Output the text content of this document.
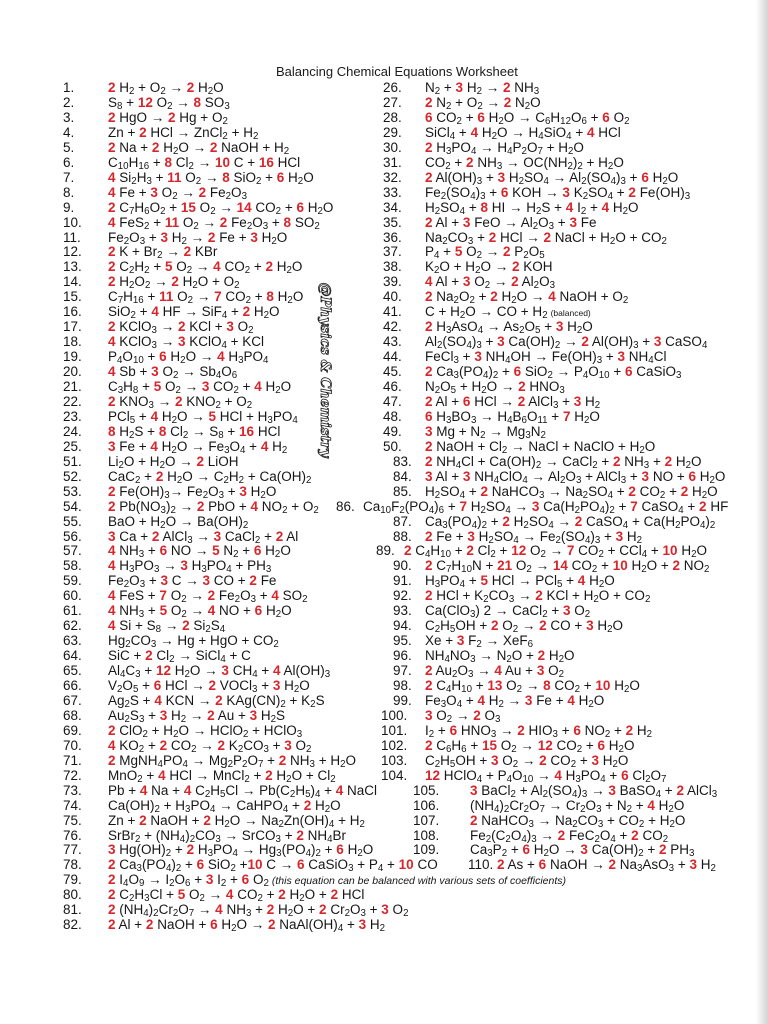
Balancing Chemical Equations Worksheet
1. 2 $H_2 + O_2 \to 2$ $H_2O$
2. $S_8 + 12$ $O_2 \to 8$ $SO_3$
3. 2 HgO → 2 $Hg + O_2$
4. Zn + 2 HCl → ZnCl$_2$ + $H_2$
5. 2 Na + 2 $H_2O \to 2$ NaOH + $H_2$
6. $C_{10}H_{16} + 8$ $Cl_2 \to 10$ C + 16 HCl
7. 4 $Si_2H_3 + 11$ $O_2 \to 8$ SiO$_2$ + 6 $H_2O$
8. 4 Fe + 3 $O_2 \to 2$ $Fe_2O_3$
9. 2 $C_7H_6O_2 + 15$ $O_2 \to 14$ $CO_2 + 6$ $H_2O$
10. 4 FeS$_2$ + 11 $O_2 \to 2$ $Fe_2O_3 + 8$ $SO_2$
11. $Fe_2O_3 + 3$ $H_2 \to 2$ Fe + 3 $H_2O$
12. 2 $K + Br_2 \to 2$ KBr
13. 2 $C_2H_2 + 5$ $O_2 \to 4$ $CO_2 + 2$ $H_2O$
14. 2 $H_2O_2 \to 2$ $H_2O + O_2$
15. $C_7H_{16} + 11$ $O_2 \to 7$ $CO_2 + 8$ $H_2O$
16. SiO$_2$ + 4 HF → SiF$_4$ + 2 $H_2O$
17. 2 KClO$_3$ → 2 KCl + 3 $O_2$
18. 4 KClO$_3$ → 3 KClO$_4$ + KCl
19. $P_4O_{10} + 6$ $H_2O \to 4$ $H_3PO_4$
20. 4 Sb + 3 $O_2 \to Sb_4O_6$
21. $C_3H_8 + 5$ $O_2 \to 3$ $CO_2 + 4$ $H_2O$
22. 2 $KNO_3 \to 2$ $KNO_2 + O_2$
23. PCl$_5$ + 4 $H_2O \to 5$ HCl + $H_3PO_4$
24. 8 $H_2S + 8$ $Cl_2 \to S_8 + 16$ HCl
25. 3 Fe + 4 $H_2O \to Fe_3O_4 + 4$ $H_2$
26. $N_2 + 3$ $H_2 \to 2$ $NH_3$
27. 2 $N_2 + O_2 \to 2$ $N_2O$
28. 6 $CO_2 + 6$ $H_2O \to C_6H_{12}O_6 + 6$ $O_2$
29. SiCl$_4$ + 4 $H_2O \to H_4SiO_4 + 4$ HCl
30. 2 $H_3PO_4 \to H_4P_2O_7 + H_2O$
31. $CO_2 + 2$ $NH_3 \to OC(NH_2)_2 + H_2O$
32. 2 $Al(OH)_3 + 3$ $H_2SO_4 \to Al_2(SO_4)_3 + 6$ $H_2O$
33. $Fe_2(SO_4)_3 + 6$ KOH → 3 $K_2SO_4 + 2$ $Fe(OH)_3$
34. $H_2SO_4 + 8$ HI → $H_2S + 4$ $I_2 + 4$ $H_2O$
35. 2 Al + 3 FeO → $Al_2O_3 + 3$ Fe
36. $Na_2CO_3 + 2$ HCl → 2 NaCl + $H_2O + CO_2$
37. $P_4 + 5$ $O_2 \to 2$ $P_2O_5$
38. $K_2O + H_2O \to 2$ KOH
39. 4 Al + 3 $O_2 \to 2$ $Al_2O_3$
40. 2 $Na_2O_2 + 2$ $H_2O \to 4$ NaOH + $O_2$
41. $C + H_2O$ → CO + $H_2$ (balanced)
42. 2 $H_3AsO_4 \to As_2O_5 + 3$ $H_2O$
43. $Al_2(SO_4)_3 + 3$ $Ca(OH)_2 \to 2$ $Al(OH)_3 + 3$ CaSO$_4$
44. FeCl$_3$ + 3 $NH_4OH \to Fe(OH)_3 + 3$ $NH_4Cl$
45. 2 $Ca_3(PO_4)_2 + 6$ $SiO_2 \to P_4O_{10} + 6$ CaSiO$_3$
46. $N_2O_5 + H_2O \to 2$ $HNO_3$
47. 2 Al + 6 HCl → 2 AlCl$_3$ + 3 $H_2$
48. 6 $H_3BO_3 \to H_4B_6O_{11} + 7$ $H_2O$
49. 3 $Mg + N_2 \to Mg_3N_2$
50. 2 NaOH + $Cl_2$ → NaCl + NaClO + $H_2O$
51. $Li_2O + H_2O \to 2$ LiOH
52. CaC$_2$ + 2 $H_2O \to C_2H_2 + Ca(OH)_2$
53. 2 $Fe(OH)_3\to Fe_2O_3 + 3$ $H_2O$
54. 2 $Pb(NO_3)_2 \to 2$ PbO + 4 $NO_2 + O_2$
55. BaO + $H_2O \to Ba(OH)_2$
56. 3 Ca + 2 AlCl$_3$ → 3 CaCl$_2$ + 2 Al
57. 4 $NH_3 + 6$ NO → 5 $N_2 + 6$ $H_2O$
58. 4 $H_3PO_3 \to 3$ $H_3PO_4 + PH_3$
59. $Fe_2O_3 + 3$ C → 3 CO + 2 Fe
60. 4 FeS + 7 $O_2 \to 2$ $Fe_2O_3 + 4$ $SO_2$
61. 4 $NH_3 + 5$ $O_2 \to 4$ NO + 6 $H_2O$
62. 4 $Si + S_8 \to 2$ $Si_2S_4$
63. $Hg_2CO_3 \to Hg$ + HgO + $CO_2$
64. SiC + 2 $Cl_2$ → SiCl$_4$ + C
65. $Al_4C_3 + 12$ $H_2O \to 3$ $CH_4 + 4$ $Al(OH)_3$
66. $V_2O_5 + 6$ HCl → 2 VOCl$_3$ + 3 $H_2O$
67. $Ag_2S + 4$ KCN → 2 $KAg(CN)_2 + K_2S$
68. $Au_2S_3 + 3$ $H_2 \to 2$ Au + 3 $H_2S$
69. 2 $ClO_2 + H_2O$ → HClO$_2$ + HClO$_3$
70. 4 $KO_2 + 2$ $CO_2 \to 2$ $K_2CO_3 + 3$ $O_2$
71. 2 $MgNH_4PO_4 \to Mg_2P_2O_7 + 2$ $NH_3 + H_2O$
72. MnO$_2$ + 4 HCl → MnCl$_2$ + 2 $H_2O + Cl_2$
73. Pb + 4 Na + 4 $C_2H_5Cl \to Pb(C_2H_5)_4 + 4$ NaCl
74. $Ca(OH)_2 + H_3PO_4$ → CaHPO$_4$ + 2 $H_2O$
75. Zn + 2 NaOH + 2 $H_2O \to Na_2Zn(OH)_4 + H_2$
76. SrBr$_2$ + $(NH_4)_2CO_3$ → SrCO$_3$ + 2 $NH_4Br$
77. 3 $Hg(OH)_2 + 2$ $H_3PO_4 \to Hg_3(PO_4)_2 + 6$ $H_2O$
78. 2 $Ca_3(PO_4)_2 + 6$ SiO$_2$ +10 C → 6 CaSiO$_3$ + $P_4 + 10$ CO
79. 2 $I_4O_9 \to I_2O_6 + 3$ $I_2 + 6$ $O_2$ (this equation can be balanced with various sets of coefficients)
80. 2 $C_2H_3Cl + 5$ $O_2 \to 4$ $CO_2 + 2$ $H_2O + 2$ HCl
81. 2 $(NH_4)_2Cr_2O_7 \to 4$ $NH_3 + 2$ $H_2O + 2$ $Cr_2O_3 + 3$ $O_2$
82. 2 Al + 2 NaOH + 6 $H_2O \to 2$ $NaAl(OH)_4 + 3$ $H_2$
83. 2 $NH_4Cl + Ca(OH)_2$ → CaCl$_2$ + 2 $NH_3 + 2$ $H_2O$
84. 3 Al + 3 $NH_4ClO_4 \to Al_2O_3$ + AlCl$_3$ + 3 NO + 6 $H_2O$
85. $H_2SO_4 + 2$ NaHCO$_3$ → $Na_2SO_4 + 2$ $CO_2 + 2$ $H_2O$
86. $Ca_{10}F_2(PO_4)_6 + 7$ $H_2SO_4 \to 3$ $Ca(H_2PO_4)_2 + 7$ CaSO$_4$ + 2 HF
87. $Ca_3(PO_4)_2 + 2$ $H_2SO_4 \to 2$ CaSO$_4$ + $Ca(H_2PO_4)_2$
88. 2 Fe + 3 $H_2SO_4 \to Fe_2(SO_4)_3 + 3$ $H_2$
89. 2 $C_4H_{10} + 2$ $Cl_2 + 12$ $O_2 \to 7$ $CO_2 + CCl_4 + 10$ $H_2O$
90. 2 $C_7H_{10}N + 21$ $O_2 \to 14$ $CO_2 + 10$ $H_2O + 2$ $NO_2$
91. $H_3PO_4 + 5$ HCl → PCl$_5$ + 4 $H_2O$
92. 2 HCl + $K_2CO_3 \to 2$ KCl + $H_2O + CO_2$
93. Ca(ClO$_3$) 2 → CaCl$_2$ + 3 $O_2$
94. $C_2H_5OH + 2$ $O_2 \to 2$ CO + 3 $H_2O$
95. Xe + 3 $F_2 \to XeF_6$
96. $NH_4NO_3 \to N_2O + 2$ $H_2O$
97. 2 $Au_2O_3 \to 4$ Au + 3 $O_2$
98. 2 $C_4H_{10} + 13$ $O_2 \to 8$ $CO_2 + 10$ $H_2O$
99. $Fe_3O_4 + 4$ $H_2 \to 3$ Fe + 4 $H_2O$
100. 3 $O_2 \to 2$ $O_3$
101. $I_2 + 6$ $HNO_3 \to 2$ $HIO_3 + 6$ $NO_2 + 2$ $H_2$
102. 2 $C_6H_6 + 15$ $O_2 \to 12$ $CO_2 + 6$ $H_2O$
103. $C_2H_5OH + 3$ $O_2 \to 2$ $CO_2 + 3$ $H_2O$
104. 12 HClO$_4$ + $P_4O_{10} \to 4$ $H_3PO_4 + 6$ $Cl_2O_7$
105. 3 BaCl$_2$ + $Al_2(SO_4)_3 \to 3$ BaSO$_4$ + 2 AlCl$_3$
106. $(NH_4)_2Cr_2O_7 \to Cr_2O_3 + N_2 + 4$ $H_2O$
107. 2 NaHCO$_3$ → $Na_2CO_3 + CO_2 + H_2O$
108. $Fe_2(C_2O_4)_3 \to 2$ $FeC_2O_4 + 2$ $CO_2$
109. $Ca_3P_2 + 6$ $H_2O \to 3$ $Ca(OH)_2 + 2$ $PH_3$
110. 2 As + 6 NaOH → 2 $Na_3AsO_3 + 3$ $H_2$
@Physics & Chemistry
